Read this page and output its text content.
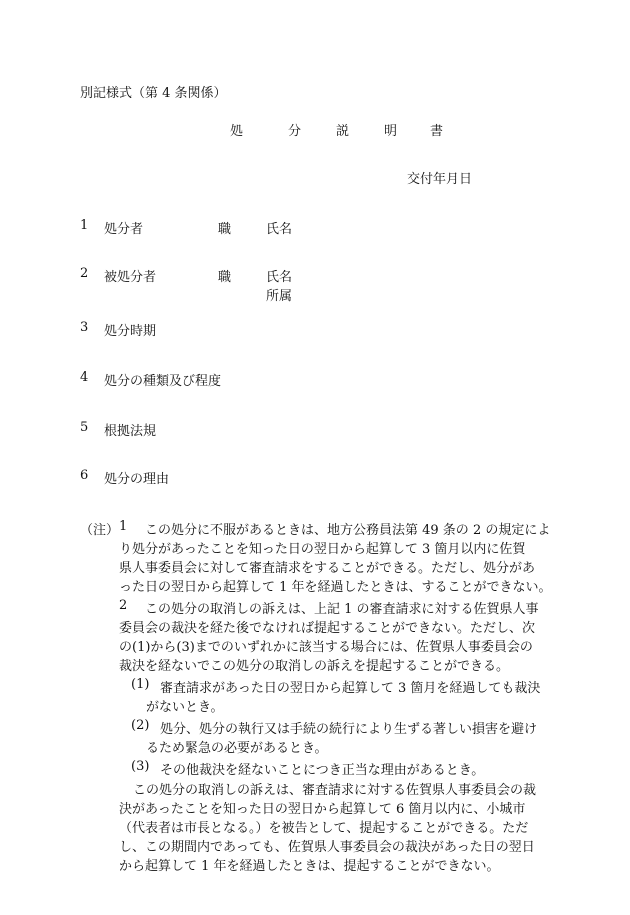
別記様式（第 4 条関係）
処	分	説	明	書
交付年月日
1 処分者	職	氏名
2 被処分者	職	氏名
所属
3 処分時期
4 処分の種類及び程度
5 根拠法規
6 処分の理由
（注） 1 この処分に不服があるときは、地方公務員法第 49 条の 2 の規定によ

り処分があったことを知った日の翌日から起算して 3 箇月以内に佐賀

県人事委員会に対して審査請求をすることができる。ただし、処分があ

った日の翌日から起算して 1 年を経過したときは、することができない。

2 この処分の取消しの訴えは、上記 1 の審査請求に対する佐賀県人事

委員会の裁決を経た後でなければ提起することができない。ただし、次

の(1)から(3)までのいずれかに該当する場合には、佐賀県人事委員会の

裁決を経ないでこの処分の取消しの訴えを提起することができる。

(1) 審査請求があった日の翌日から起算して 3 箇月を経過しても裁決

がないとき。

(2) 処分、処分の執行又は手続の続行により生ずる著しい損害を避け

るため緊急の必要があるとき。

(3) その他裁決を経ないことにつき正当な理由があるとき。

この処分の取消しの訴えは、審査請求に対する佐賀県人事委員会の裁

決があったことを知った日の翌日から起算して 6 箇月以内に、小城市

（代表者は市長となる。）を被告として、提起することができる。ただ

し、この期間内であっても、佐賀県人事委員会の裁決があった日の翌日

から起算して 1 年を経過したときは、提起することができない。
